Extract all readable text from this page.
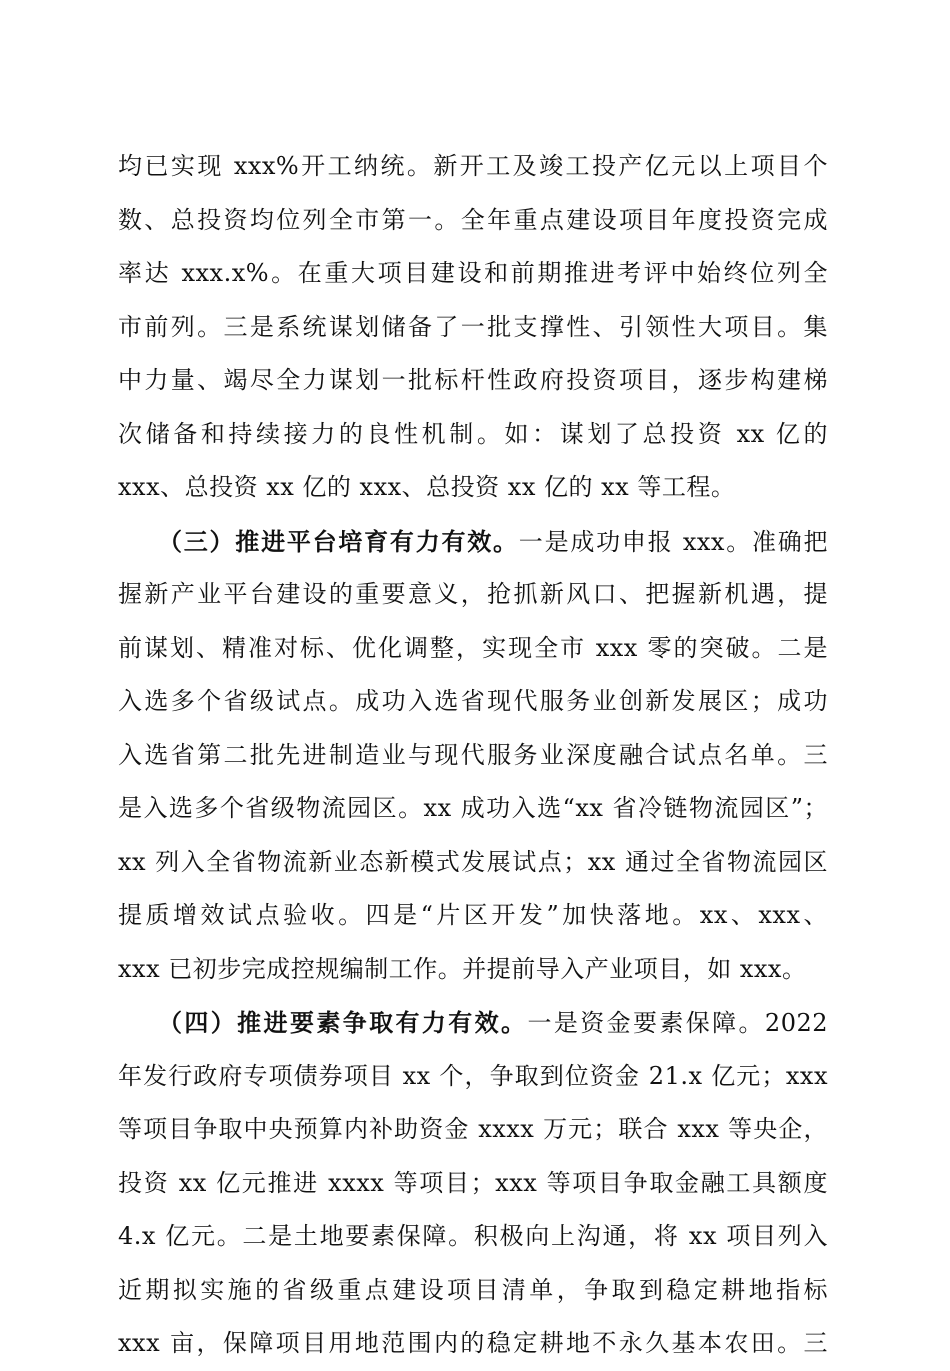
均已实现 xxx%开工纳统。新开工及竣工投产亿元以上项目个
数、总投资均位列全市第一。全年重点建设项目年度投资完成
率达 xxx.x%。在重大项目建设和前期推进考评中始终位列全
市前列。三是系统谋划储备了一批支撑性、引领性大项目。集
中力量、竭尽全力谋划一批标杆性政府投资项目，逐步构建梯
次储备和持续接力的良性机制。如：谋划了总投资 xx 亿的
xxx、总投资 xx 亿的 xxx、总投资 xx 亿的 xx 等工程。
（三）推进平台培育有力有效。一是成功申报 xxx。准确把
握新产业平台建设的重要意义，抢抓新风口、把握新机遇，提
前谋划、精准对标、优化调整，实现全市 xxx 零的突破。二是
入选多个省级试点。成功入选省现代服务业创新发展区；成功
入选省第二批先进制造业与现代服务业深度融合试点名单。三
是入选多个省级物流园区。xx 成功入选“xx 省冷链物流园区”；
xx 列入全省物流新业态新模式发展试点；xx 通过全省物流园区
提质增效试点验收。四是“片区开发”加快落地。xx、xxx、
xxx 已初步完成控规编制工作。并提前导入产业项目，如 xxx。
（四）推进要素争取有力有效。一是资金要素保障。2022
年发行政府专项债券项目 xx 个，争取到位资金 21.x 亿元；xxx
等项目争取中央预算内补助资金 xxxx 万元；联合 xxx 等央企，
投资 xx 亿元推进 xxxx 等项目；xxx 等项目争取金融工具额度
4.x 亿元。二是土地要素保障。积极向上沟通，将 xx 项目列入
近期拟实施的省级重点建设项目清单，争取到稳定耕地指标
xxx 亩，保障项目用地范围内的稳定耕地不永久基本农田。三
